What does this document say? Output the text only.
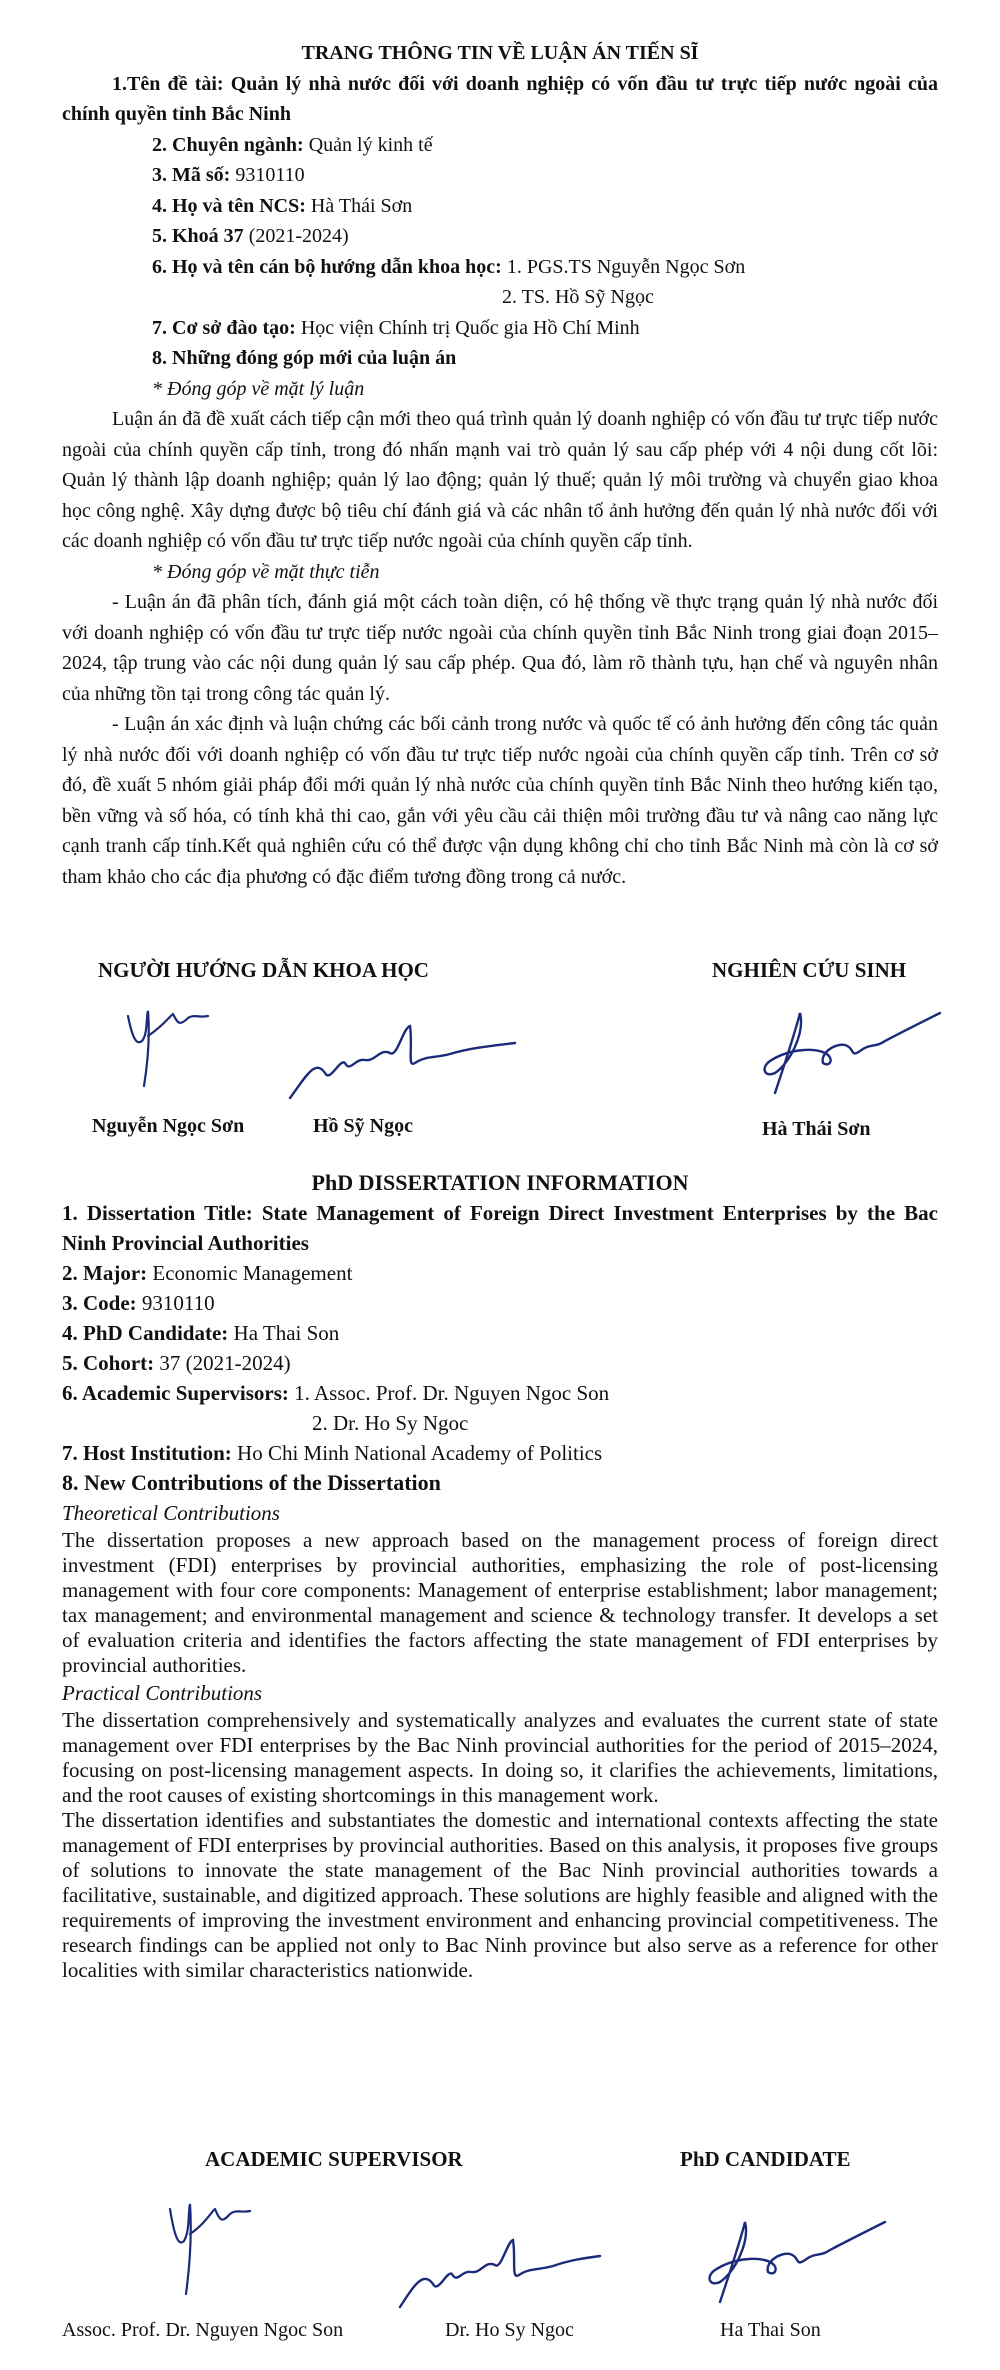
TRANG THÔNG TIN VỀ LUẬN ÁN TIẾN SĨ

1.Tên đề tài: Quản lý nhà nước đối với doanh nghiệp có vốn đầu tư trực tiếp nước ngoài của chính quyền tỉnh Bắc Ninh

2. Chuyên ngành: Quản lý kinh tế

3. Mã số: 9310110

4. Họ và tên NCS: Hà Thái Sơn

5. Khoá 37 (2021-2024)

6. Họ và tên cán bộ hướng dẫn khoa học: 1. PGS.TS Nguyễn Ngọc Sơn

2. TS. Hồ Sỹ Ngọc

7. Cơ sở đào tạo: Học viện Chính trị Quốc gia Hồ Chí Minh

8. Những đóng góp mới của luận án

* Đóng góp về mặt lý luận

Luận án đã đề xuất cách tiếp cận mới theo quá trình quản lý doanh nghiệp có vốn đầu tư trực tiếp nước ngoài của chính quyền cấp tỉnh, trong đó nhấn mạnh vai trò quản lý sau cấp phép với 4 nội dung cốt lõi: Quản lý thành lập doanh nghiệp; quản lý lao động; quản lý thuế; quản lý môi trường và chuyển giao khoa học công nghệ. Xây dựng được bộ tiêu chí đánh giá và các nhân tố ảnh hưởng đến quản lý nhà nước đối với các doanh nghiệp có vốn đầu tư trực tiếp nước ngoài của chính quyền cấp tỉnh.

* Đóng góp về mặt thực tiễn

- Luận án đã phân tích, đánh giá một cách toàn diện, có hệ thống về thực trạng quản lý nhà nước đối với doanh nghiệp có vốn đầu tư trực tiếp nước ngoài của chính quyền tỉnh Bắc Ninh trong giai đoạn 2015–2024, tập trung vào các nội dung quản lý sau cấp phép. Qua đó, làm rõ thành tựu, hạn chế và nguyên nhân của những tồn tại trong công tác quản lý.

- Luận án xác định và luận chứng các bối cảnh trong nước và quốc tế có ảnh hưởng đến công tác quản lý nhà nước đối với doanh nghiệp có vốn đầu tư trực tiếp nước ngoài của chính quyền cấp tỉnh. Trên cơ sở đó, đề xuất 5 nhóm giải pháp đổi mới quản lý nhà nước của chính quyền tỉnh Bắc Ninh theo hướng kiến tạo, bền vững và số hóa, có tính khả thi cao, gắn với yêu cầu cải thiện môi trường đầu tư và nâng cao năng lực cạnh tranh cấp tỉnh.Kết quả nghiên cứu có thể được vận dụng không chỉ cho tỉnh Bắc Ninh mà còn là cơ sở tham khảo cho các địa phương có đặc điểm tương đồng trong cả nước.

NGƯỜI HƯỚNG DẪN KHOA HỌC	NGHIÊN CỨU SINH
Nguyễn Ngọc Sơn	Hồ Sỹ Ngọc	Hà Thái Sơn

PhD DISSERTATION INFORMATION

1. Dissertation Title: State Management of Foreign Direct Investment Enterprises by the Bac Ninh Provincial Authorities

2. Major: Economic Management

3. Code: 9310110

4. PhD Candidate: Ha Thai Son

5. Cohort: 37 (2021-2024)

6. Academic Supervisors: 1. Assoc. Prof. Dr. Nguyen Ngoc Son

2. Dr. Ho Sy Ngoc

7. Host Institution: Ho Chi Minh National Academy of Politics

8. New Contributions of the Dissertation

Theoretical Contributions

The dissertation proposes a new approach based on the management process of foreign direct investment (FDI) enterprises by provincial authorities, emphasizing the role of post-licensing management with four core components: Management of enterprise establishment; labor management; tax management; and environmental management and science & technology transfer. It develops a set of evaluation criteria and identifies the factors affecting the state management of FDI enterprises by provincial authorities.

Practical Contributions

The dissertation comprehensively and systematically analyzes and evaluates the current state of state management over FDI enterprises by the Bac Ninh provincial authorities for the period of 2015–2024, focusing on post-licensing management aspects. In doing so, it clarifies the achievements, limitations, and the root causes of existing shortcomings in this management work.

The dissertation identifies and substantiates the domestic and international contexts affecting the state management of FDI enterprises by provincial authorities. Based on this analysis, it proposes five groups of solutions to innovate the state management of the Bac Ninh provincial authorities towards a facilitative, sustainable, and digitized approach. These solutions are highly feasible and aligned with the requirements of improving the investment environment and enhancing provincial competitiveness. The research findings can be applied not only to Bac Ninh province but also serve as a reference for other localities with similar characteristics nationwide.

ACADEMIC SUPERVISOR	PhD CANDIDATE
Assoc. Prof. Dr. Nguyen Ngoc Son	Dr. Ho Sy Ngoc	Ha Thai Son
